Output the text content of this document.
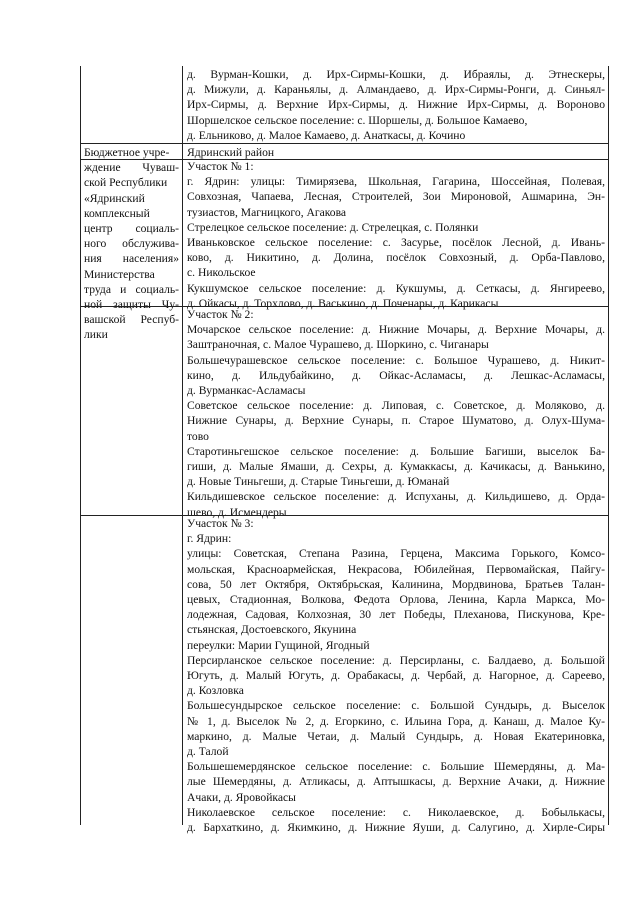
д. Вурман-Кошки, д. Ирх-Сирмы-Кошки, д. Ибраялы, д. Этнескеры,
д. Мижули, д. Караньялы, д. Алмандаево, д. Ирх-Сирмы-Ронги, д. Синьял-
Ирх-Сирмы, д. Верхние Ирх-Сирмы, д. Нижние Ирх-Сирмы, д. Вороново
Шоршелское сельское поселение: с. Шоршелы, д. Большое Камаево,
д. Ельниково, д. Малое Камаево, д. Анаткасы, д. Кочино
Бюджетное учре-
ждение Чуваш-
ской Республики
«Ядринский
комплексный
центр социаль-
ного обслужива-
ния населения»
Министерства
труда и социаль-
ной защиты Чу-
вашской Респуб-
лики
Ядринский район
Участок № 1:
г. Ядрин: улицы: Тимирязева, Школьная, Гагарина, Шоссейная, Полевая,
Совхозная, Чапаева, Лесная, Строителей, Зои Мироновой, Ашмарина, Эн-
тузиастов, Магницкого, Агакова
Стрелецкое сельское поселение: д. Стрелецкая, с. Полянки
Иваньковское сельское поселение: с. Засурье, посёлок Лесной, д. Ивань-
ково, д. Никитино, д. Долина, посёлок Совхозный, д. Орба-Павлово,
с. Никольское
Кукшумское сельское поселение: д. Кукшумы, д. Сеткасы, д. Янгиреево,
д. Ойкасы, д. Торхлово, д. Васькино, д. Поченары, д. Карикасы
Участок № 2:
Мочарское сельское поселение: д. Нижние Мочары, д. Верхние Мочары, д.
Заштраночная, с. Малое Чурашево, д. Шоркино, с. Чиганары
Большечурашевское сельское поселение: с. Большое Чурашево, д. Никит-
кино, д. Ильдубайкино, д. Ойкас-Асламасы, д. Лешкас-Асламасы,
д. Вурманкас-Асламасы
Советское сельское поселение: д. Липовая, с. Советское, д. Моляково, д.
Нижние Сунары, д. Верхние Сунары, п. Старое Шуматово, д. Олух-Шума-
тово
Старотиньгешское сельское поселение: д. Большие Багиши, выселок Ба-
гиши, д. Малые Ямаши, д. Сехры, д. Кумаккасы, д. Качикасы, д. Ванькино,
д. Новые Тиньгеши, д. Старые Тиньгеши, д. Юманай
Кильдишевское сельское поселение: д. Испуханы, д. Кильдишево, д. Орда-
шево, д. Исмендеры
Участок № 3:
г. Ядрин:
улицы: Советская, Степана Разина, Герцена, Максима Горького, Комсо-
мольская, Красноармейская, Некрасова, Юбилейная, Первомайская, Пайгу-
сова, 50 лет Октября, Октябрьская, Калинина, Мордвинова, Братьев Талан-
цевых, Стадионная, Волкова, Федота Орлова, Ленина, Карла Маркса, Мо-
лодежная, Садовая, Колхозная, 30 лет Победы, Плеханова, Пискунова, Кре-
стьянская, Достоевского, Якунина
переулки: Марии Гущиной, Ягодный
Персирланское сельское поселение: д. Персирланы, с. Балдаево, д. Большой
Югуть, д. Малый Югуть, д. Орабакасы, д. Чербай, д. Нагорное, д. Сареево,
д. Козловка
Большесундырское сельское поселение: с. Большой Сундырь, д. Выселок
№ 1, д. Выселок № 2, д. Егоркино, с. Ильина Гора, д. Канаш, д. Малое Ку-
маркино, д. Малые Четаи, д. Малый Сундырь, д. Новая Екатериновка,
д. Талой
Большешемердянское сельское поселение: с. Большие Шемердяны, д. Ма-
лые Шемердяны, д. Атликасы, д. Аптышкасы, д. Верхние Ачаки, д. Нижние
Ачаки, д. Яровойкасы
Николаевское сельское поселение: с. Николаевское, д. Бобылькасы,
д. Бархаткино, д. Якимкино, д. Нижние Яуши, д. Салугино, д. Хирле-Сиры
